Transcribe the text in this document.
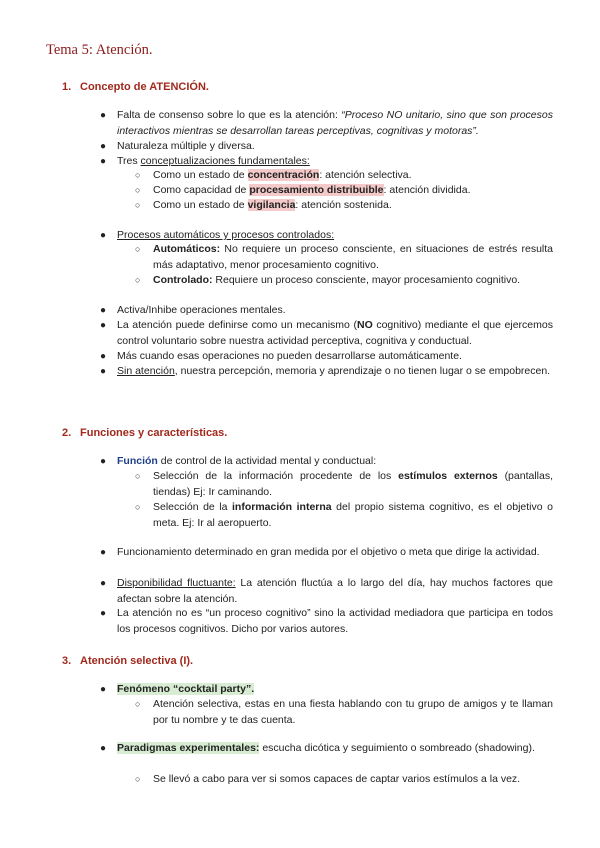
Tema 5: Atención.
1. Concepto de ATENCIÓN.
● Falta de consenso sobre lo que es la atención: “Proceso NO unitario, sino que son procesos interactivos mientras se desarrollan tareas perceptivas, cognitivas y motoras”.
● Naturaleza múltiple y diversa.
● Tres conceptualizaciones fundamentales:
○ Como un estado de concentración: atención selectiva.
○ Como capacidad de procesamiento distribuible: atención dividida.
○ Como un estado de vigilancia: atención sostenida.
● Procesos automáticos y procesos controlados:
○ Automáticos: No requiere un proceso consciente, en situaciones de estrés resulta más adaptativo, menor procesamiento cognitivo.
○ Controlado: Requiere un proceso consciente, mayor procesamiento cognitivo.
● Activa/Inhibe operaciones mentales.
● La atención puede definirse como un mecanismo (NO cognitivo) mediante el que ejercemos control voluntario sobre nuestra actividad perceptiva, cognitiva y conductual.
● Más cuando esas operaciones no pueden desarrollarse automáticamente.
● Sin atención, nuestra percepción, memoria y aprendizaje o no tienen lugar o se empobrecen.
2. Funciones y características.
● Función de control de la actividad mental y conductual:
○ Selección de la información procedente de los estímulos externos (pantallas, tiendas) Ej: Ir caminando.
○ Selección de la información interna del propio sistema cognitivo, es el objetivo o meta. Ej: Ir al aeropuerto.
● Funcionamiento determinado en gran medida por el objetivo o meta que dirige la actividad.
● Disponibilidad fluctuante: La atención fluctúa a lo largo del día, hay muchos factores que afectan sobre la atención.
● La atención no es “un proceso cognitivo” sino la actividad mediadora que participa en todos los procesos cognitivos. Dicho por varios autores.
3. Atención selectiva (I).
● Fenómeno “cocktail party”.
○ Atención selectiva, estas en una fiesta hablando con tu grupo de amigos y te llaman por tu nombre y te das cuenta.
● Paradigmas experimentales: escucha dicótica y seguimiento o sombreado (shadowing).
○ Se llevó a cabo para ver si somos capaces de captar varios estímulos a la vez.
